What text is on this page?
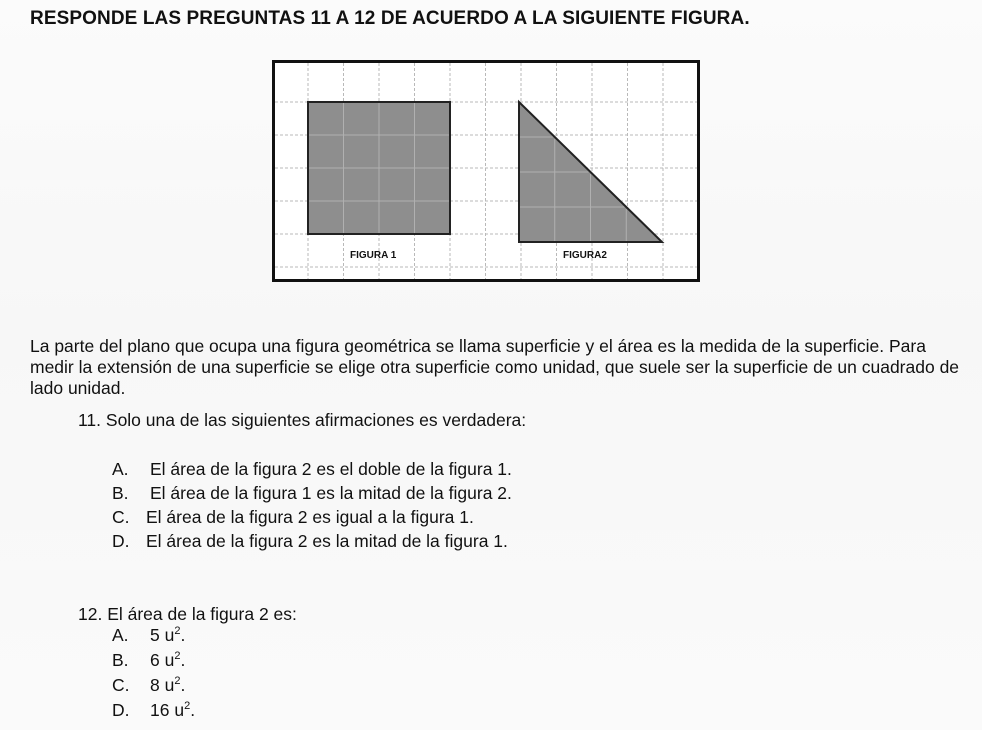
RESPONDE LAS PREGUNTAS 11 A 12 DE ACUERDO A LA SIGUIENTE FIGURA.
FIGURA 1	FIGURA2

La parte del plano que ocupa una figura geométrica se llama superficie y el área es la medida de la superficie. Para medir la extensión de una superficie se elige otra superficie como unidad, que suele ser la superficie de un cuadrado de lado unidad.

11. Solo una de las siguientes afirmaciones es verdadera:
A. El área de la figura 2 es el doble de la figura 1.
B. El área de la figura 1 es la mitad de la figura 2.
C. El área de la figura 2 es igual a la figura 1.
D. El área de la figura 2 es la mitad de la figura 1.
12. El área de la figura 2 es:
A. 5 $u^2$.
B. 6 $u^2$.
C. 8 $u^2$.
D. 16 $u^2$.
